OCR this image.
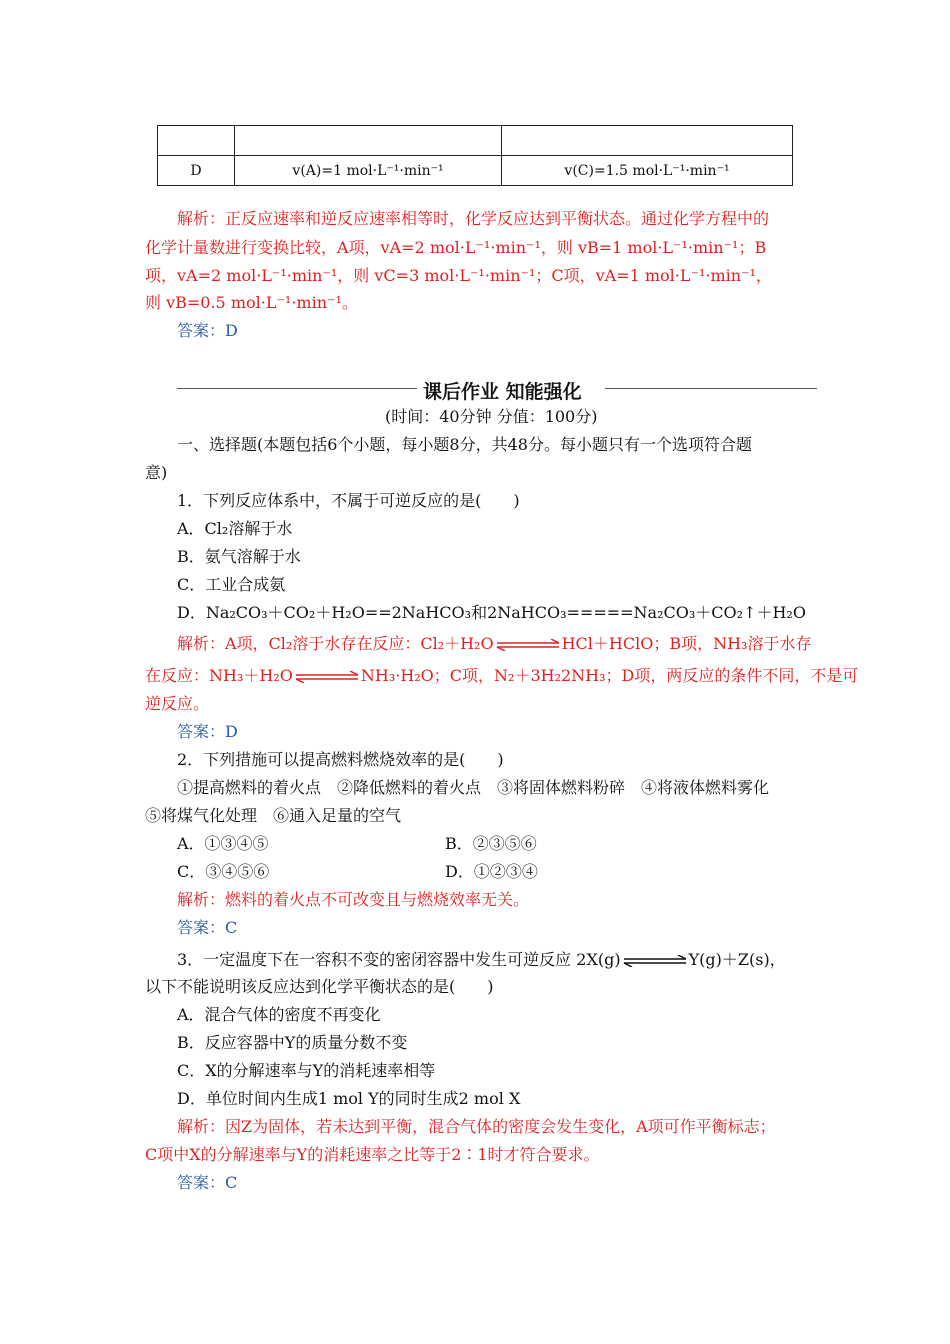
D	v(A)=1 mol·L⁻¹·min⁻¹	v(C)=1.5 mol·L⁻¹·min⁻¹
解析：正反应速率和逆反应速率相等时，化学反应达到平衡状态。通过化学方程中的
化学计量数进行变换比较，A项，vA=2 mol·L⁻¹·min⁻¹，则 vB=1 mol·L⁻¹·min⁻¹；B
项，vA=2 mol·L⁻¹·min⁻¹，则 vC=3 mol·L⁻¹·min⁻¹；C项，vA=1 mol·L⁻¹·min⁻¹，
则 vB=0.5 mol·L⁻¹·min⁻¹。
答案：D
课后作业 知能强化
(时间：40分钟 分值：100分)
一、选择题(本题包括6个小题，每小题8分，共48分。每小题只有一个选项符合题
意)
1．下列反应体系中，不属于可逆反应的是(　　)
A．Cl₂溶解于水
B．氨气溶解于水
C．工业合成氨
D．Na₂CO₃＋CO₂＋H₂O==2NaHCO₃和2NaHCO₃=====Na₂CO₃＋CO₂↑＋H₂O
解析：A项，Cl₂溶于水存在反应：Cl₂＋H₂O	HCl＋HClO；B项，NH₃溶于水存
在反应：NH₃＋H₂O	NH₃·H₂O；C项，N₂＋3H₂2NH₃；D项，两反应的条件不同，不是可
逆反应。
答案：D
2．下列措施可以提高燃料燃烧效率的是(　　)
①提高燃料的着火点　②降低燃料的着火点　③将固体燃料粉碎　④将液体燃料雾化
⑤将煤气化处理　⑥通入足量的空气
A．①③④⑤	B．②③⑤⑥
C．③④⑤⑥	D．①②③④
解析：燃料的着火点不可改变且与燃烧效率无关。
答案：C
3．一定温度下在一容积不变的密闭容器中发生可逆反应 2X(g)	Y(g)＋Z(s)，
以下不能说明该反应达到化学平衡状态的是(　　)
A．混合气体的密度不再变化
B．反应容器中Y的质量分数不变
C．X的分解速率与Y的消耗速率相等
D．单位时间内生成1 mol Y的同时生成2 mol X
解析：因Z为固体，若未达到平衡，混合气体的密度会发生变化，A项可作平衡标志；
C项中X的分解速率与Y的消耗速率之比等于2∶1时才符合要求。
答案：C
